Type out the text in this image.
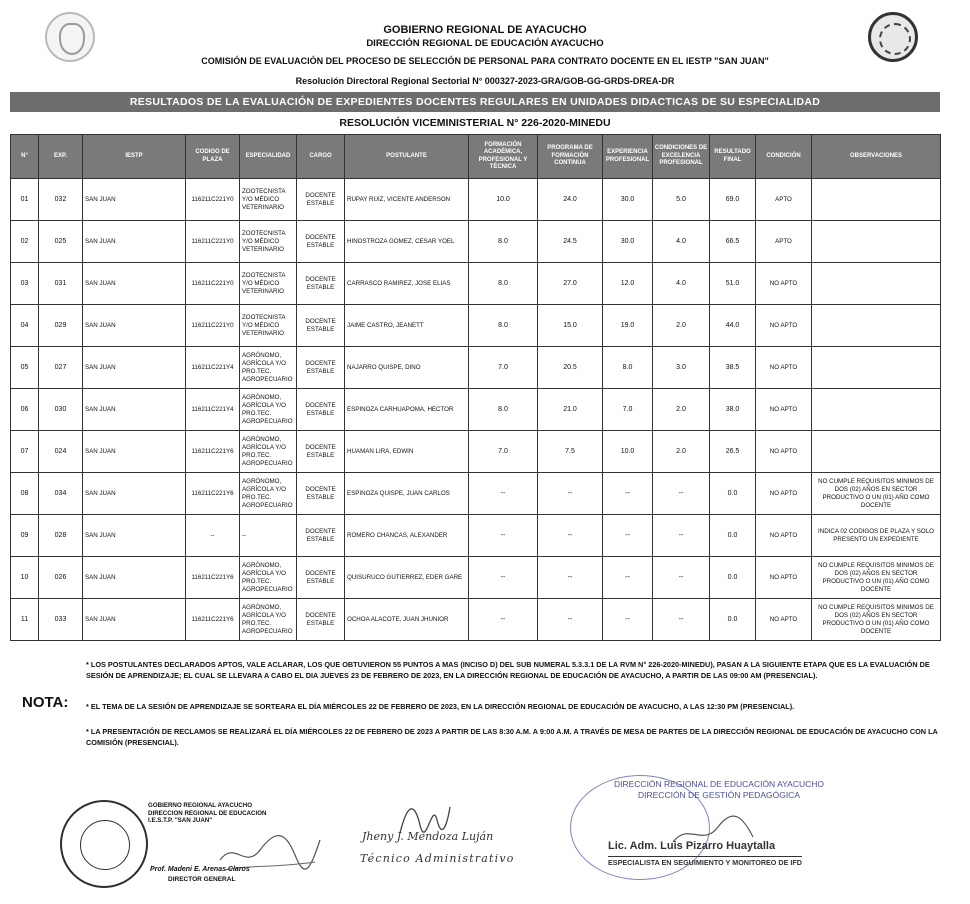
GOBIERNO REGIONAL DE AYACUCHO
DIRECCIÓN REGIONAL DE EDUCACIÓN AYACUCHO
COMISIÓN DE EVALUACIÓN DEL PROCESO DE SELECCIÓN DE PERSONAL PARA CONTRATO DOCENTE EN EL IESTP "SAN JUAN"
Resolución Directoral Regional Sectorial N° 000327-2023-GRA/GOB-GG-GRDS-DREA-DR
RESULTADOS DE LA EVALUACIÓN DE EXPEDIENTES DOCENTES REGULARES EN UNIDADES DIDACTICAS DE SU ESPECIALIDAD
RESOLUCIÓN VICEMINISTERIAL N° 226-2020-MINEDU
N°	EXP.	IESTP	CODIGO DE PLAZA	ESPECIALIDAD	CARGO	POSTULANTE	FORMACIÓN ACADÉMICA, PROFESIONAL Y TÉCNICA	PROGRAMA DE FORMACIÓN CONTINUA	EXPERIENCIA PROFESIONAL	CONDICIONES DE EXCELENCIA PROFESIONAL	RESULTADO FINAL	CONDICIÓN	OBSERVACIONES
01	032	SAN JUAN	116211C221Y0	ZOOTECNISTA Y/O MÉDICO VETERINARIO	DOCENTE ESTABLE	RUPAY RUIZ, VICENTE ANDERSON	10.0	24.0	30.0	5.0	69.0	APTO	
02	025	SAN JUAN	116211C221Y0	ZOOTECNISTA Y/O MÉDICO VETERINARIO	DOCENTE ESTABLE	HINOSTROZA GOMEZ, CESAR YOEL	8.0	24.5	30.0	4.0	66.5	APTO	
03	031	SAN JUAN	116211C221Y0	ZOOTECNISTA Y/O MÉDICO VETERINARIO	DOCENTE ESTABLE	CARRASCO RAMIREZ, JOSE ELIAS	8.0	27.0	12.0	4.0	51.0	NO APTO	
04	029	SAN JUAN	116211C221Y0	ZOOTECNISTA Y/O MÉDICO VETERINARIO	DOCENTE ESTABLE	JAIME CASTRO, JEANETT	8.0	15.0	19.0	2.0	44.0	NO APTO	
05	027	SAN JUAN	116211C221Y4	AGRÓNOMO, AGRÍCOLA Y/O PRO.TEC. AGROPECUARIO	DOCENTE ESTABLE	NAJARRO QUISPE, DINO	7.0	20.5	8.0	3.0	38.5	NO APTO	
06	030	SAN JUAN	116211C221Y4	AGRÓNOMO, AGRÍCOLA Y/O PRO.TEC. AGROPECUARIO	DOCENTE ESTABLE	ESPINOZA CARHUAPOMA, HECTOR	8.0	21.0	7.0	2.0	38.0	NO APTO	
07	024	SAN JUAN	116211C221Y6	AGRÓNOMO, AGRÍCOLA Y/O PRO.TEC. AGROPECUARIO	DOCENTE ESTABLE	HUAMAN LIRA, EDWIN	7.0	7.5	10.0	2.0	26.5	NO APTO	
08	034	SAN JUAN	116211C221Y6	AGRÓNOMO, AGRÍCOLA Y/O PRO.TEC. AGROPECUARIO	DOCENTE ESTABLE	ESPINOZA QUISPE, JUAN CARLOS	--	--	--	--	0.0	NO APTO	NO CUMPLE REQUISITOS MINIMOS DE DOS (02) AÑOS EN SECTOR PRODUCTIVO O UN (01) AÑO COMO DOCENTE
09	028	SAN JUAN	--	--	DOCENTE ESTABLE	ROMERO CHANCAS, ALEXANDER	--	--	--	--	0.0	NO APTO	INDICA 02 CODIGOS DE PLAZA Y SOLO PRESENTO UN EXPEDIENTE
10	026	SAN JUAN	116211C221Y6	AGRÓNOMO, AGRÍCOLA Y/O PRO.TEC. AGROPECUARIO	DOCENTE ESTABLE	QUISURUCO GUTIERREZ, EDER GARE	--	--	--	--	0.0	NO APTO	NO CUMPLE REQUISITOS MINIMOS DE DOS (02) AÑOS EN SECTOR PRODUCTIVO O UN (01) AÑO COMO DOCENTE
11	033	SAN JUAN	116211C221Y6	AGRÓNOMO, AGRÍCOLA Y/O PRO.TEC. AGROPECUARIO	DOCENTE ESTABLE	OCHOA ALACOTE, JUAN JHUNIOR	--	--	--	--	0.0	NO APTO	NO CUMPLE REQUISITOS MINIMOS DE DOS (02) AÑOS EN SECTOR PRODUCTIVO O UN (01) AÑO COMO DOCENTE
NOTA:
* LOS POSTULANTES DECLARADOS APTOS, VALE ACLARAR, LOS QUE OBTUVIERON 55 PUNTOS A MAS (INCISO D) DEL SUB NUMERAL 5.3.3.1 DE LA RVM N° 226-2020-MINEDU), PASAN A LA SIGUIENTE ETAPA QUE ES LA EVALUACIÓN DE SESIÓN DE APRENDIZAJE; EL CUAL SE LLEVARA A CABO EL DIA JUEVES 23 DE FEBRERO DE 2023, EN LA DIRECCIÓN REGIONAL DE EDUCACIÓN DE AYACUCHO, A PARTIR DE LAS 09:00 AM (PRESENCIAL).
* EL TEMA DE LA SESIÓN DE APRENDIZAJE SE SORTEARA EL DÍA MIÉRCOLES 22 DE FEBRERO DE 2023, EN LA DIRECCIÓN REGIONAL DE EDUCACIÓN DE AYACUCHO, A LAS 12:30 PM (PRESENCIAL).
* LA PRESENTACIÓN DE RECLAMOS SE REALIZARÁ EL DÍA MIÉRCOLES 22 DE FEBRERO DE 2023 A PARTIR DE LAS 8:30 A.M. A 9:00 A.M. A TRAVÉS DE MESA DE PARTES DE LA DIRECCIÓN REGIONAL DE EDUCACIÓN DE AYACUCHO CON LA COMISIÓN (PRESENCIAL).
GOBIERNO REGIONAL AYACUCHO
DIRECCION REGIONAL DE EDUCACION
I.E.S.T.P. "SAN JUAN"
Prof. Madeni E. Arenas Claros
DIRECTOR GENERAL
Jheny J. Mendoza Luján
Técnico Administrativo
DIRECCIÓN REGIONAL DE EDUCACIÓN AYACUCHO
DIRECCIÓN DE GESTIÓN PEDAGÓGICA
Lic. Adm. Luis Pizarro Huaytalla
ESPECIALISTA EN SEGUIMIENTO Y MONITOREO DE IFD
